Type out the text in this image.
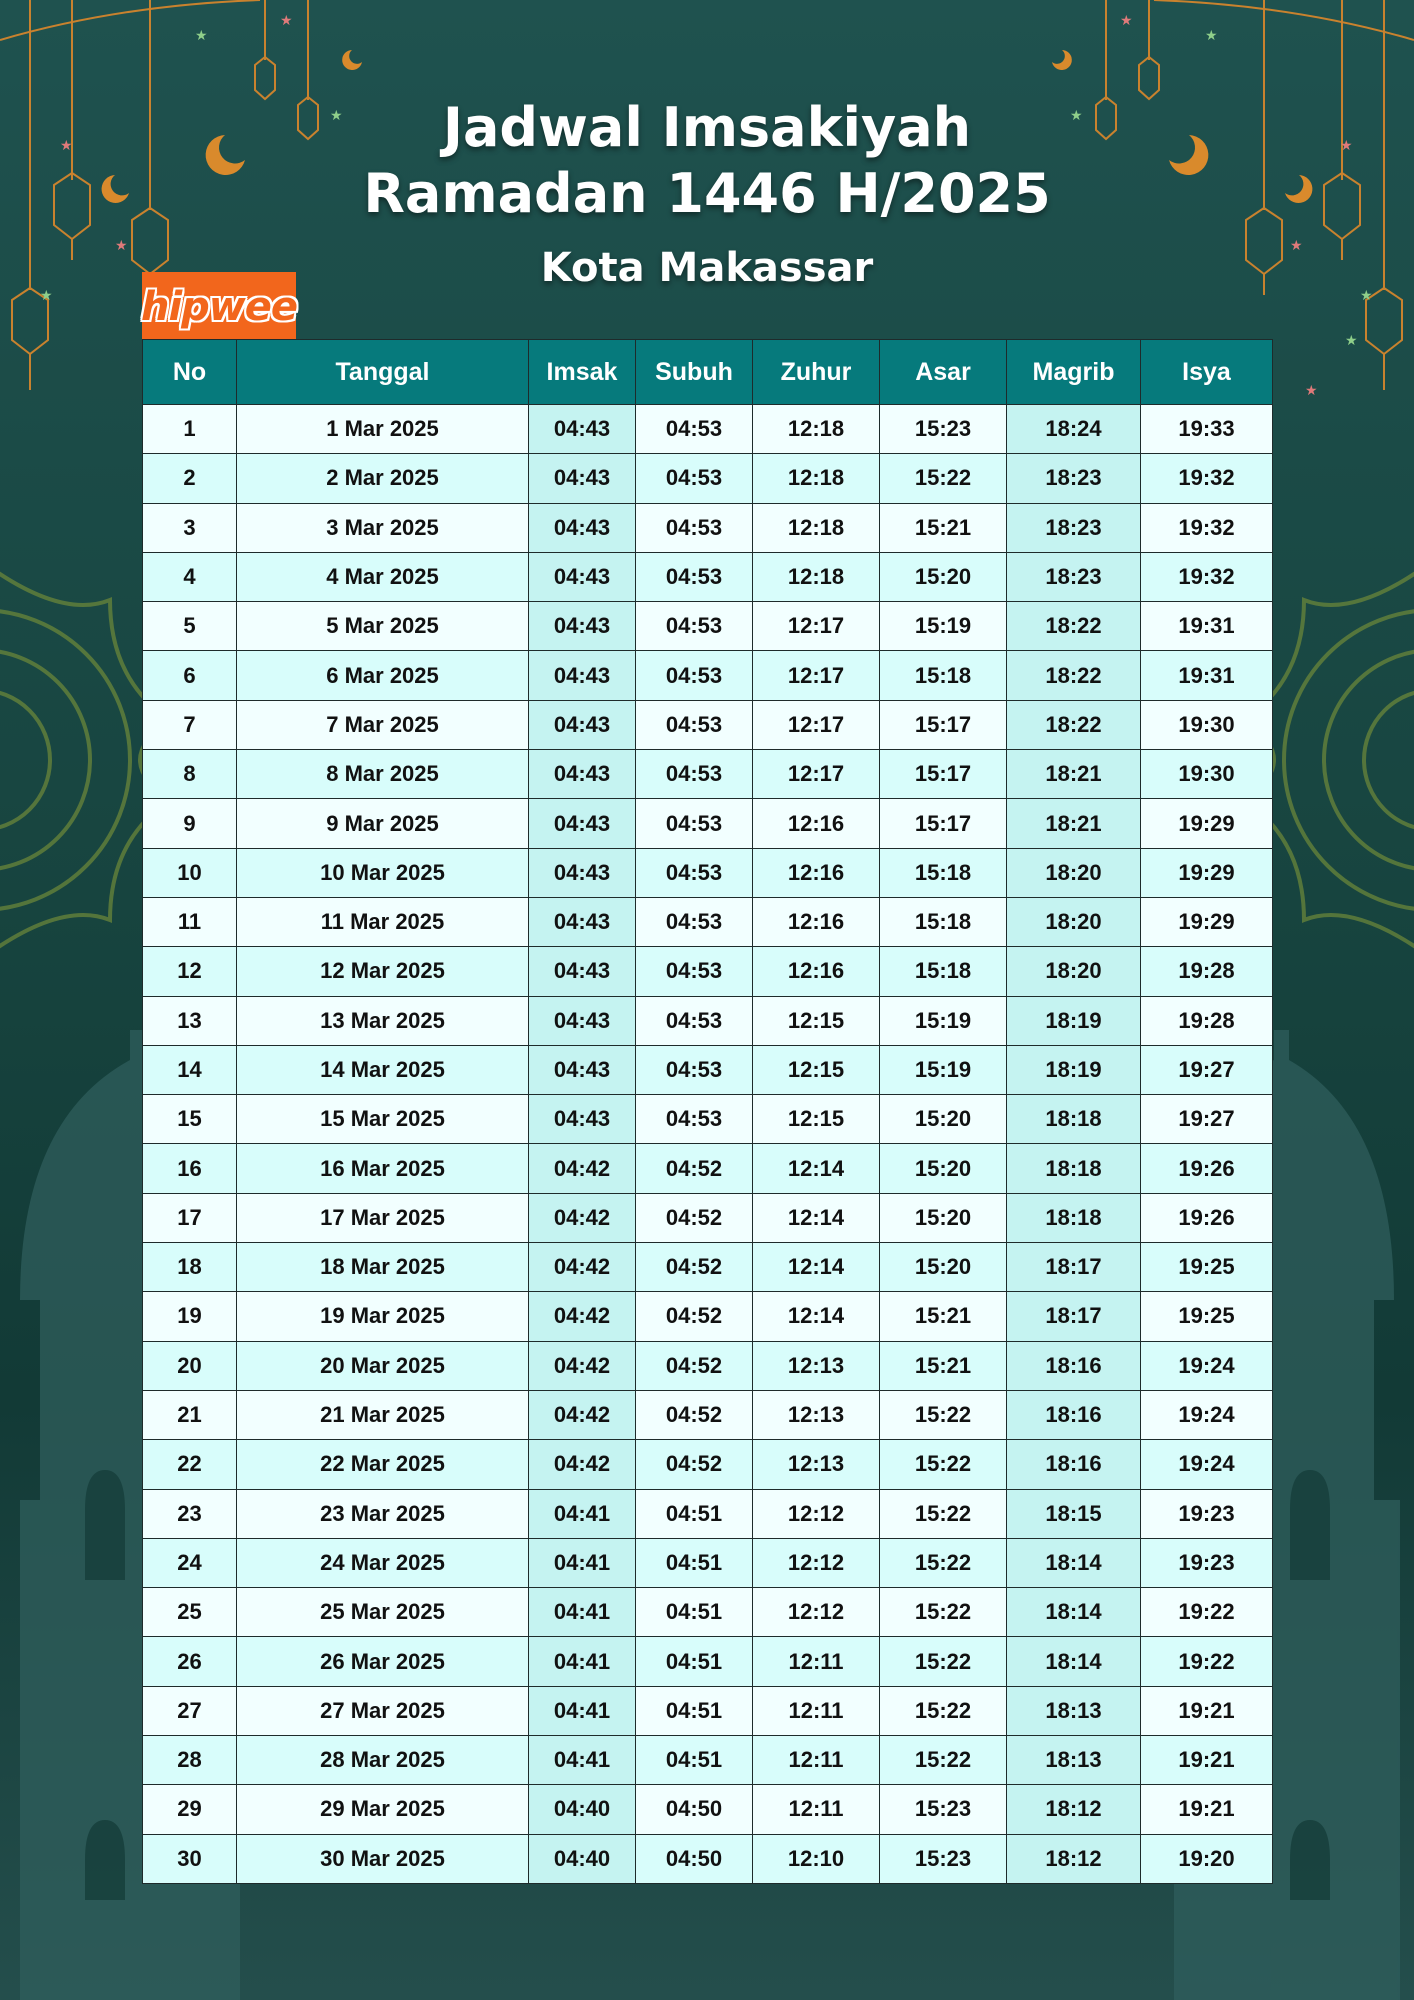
★
★
★
★
★
★
★
★
★
★
★
★
★
★
Jadwal Imsakiyah
Ramadan 1446 H/2025
Kota Makassar
hipwee
No	Tanggal	Imsak	Subuh	Zuhur	Asar	Magrib	Isya
1	1 Mar 2025	04:43	04:53	12:18	15:23	18:24	19:33
2	2 Mar 2025	04:43	04:53	12:18	15:22	18:23	19:32
3	3 Mar 2025	04:43	04:53	12:18	15:21	18:23	19:32
4	4 Mar 2025	04:43	04:53	12:18	15:20	18:23	19:32
5	5 Mar 2025	04:43	04:53	12:17	15:19	18:22	19:31
6	6 Mar 2025	04:43	04:53	12:17	15:18	18:22	19:31
7	7 Mar 2025	04:43	04:53	12:17	15:17	18:22	19:30
8	8 Mar 2025	04:43	04:53	12:17	15:17	18:21	19:30
9	9 Mar 2025	04:43	04:53	12:16	15:17	18:21	19:29
10	10 Mar 2025	04:43	04:53	12:16	15:18	18:20	19:29
11	11 Mar 2025	04:43	04:53	12:16	15:18	18:20	19:29
12	12 Mar 2025	04:43	04:53	12:16	15:18	18:20	19:28
13	13 Mar 2025	04:43	04:53	12:15	15:19	18:19	19:28
14	14 Mar 2025	04:43	04:53	12:15	15:19	18:19	19:27
15	15 Mar 2025	04:43	04:53	12:15	15:20	18:18	19:27
16	16 Mar 2025	04:42	04:52	12:14	15:20	18:18	19:26
17	17 Mar 2025	04:42	04:52	12:14	15:20	18:18	19:26
18	18 Mar 2025	04:42	04:52	12:14	15:20	18:17	19:25
19	19 Mar 2025	04:42	04:52	12:14	15:21	18:17	19:25
20	20 Mar 2025	04:42	04:52	12:13	15:21	18:16	19:24
21	21 Mar 2025	04:42	04:52	12:13	15:22	18:16	19:24
22	22 Mar 2025	04:42	04:52	12:13	15:22	18:16	19:24
23	23 Mar 2025	04:41	04:51	12:12	15:22	18:15	19:23
24	24 Mar 2025	04:41	04:51	12:12	15:22	18:14	19:23
25	25 Mar 2025	04:41	04:51	12:12	15:22	18:14	19:22
26	26 Mar 2025	04:41	04:51	12:11	15:22	18:14	19:22
27	27 Mar 2025	04:41	04:51	12:11	15:22	18:13	19:21
28	28 Mar 2025	04:41	04:51	12:11	15:22	18:13	19:21
29	29 Mar 2025	04:40	04:50	12:11	15:23	18:12	19:21
30	30 Mar 2025	04:40	04:50	12:10	15:23	18:12	19:20
